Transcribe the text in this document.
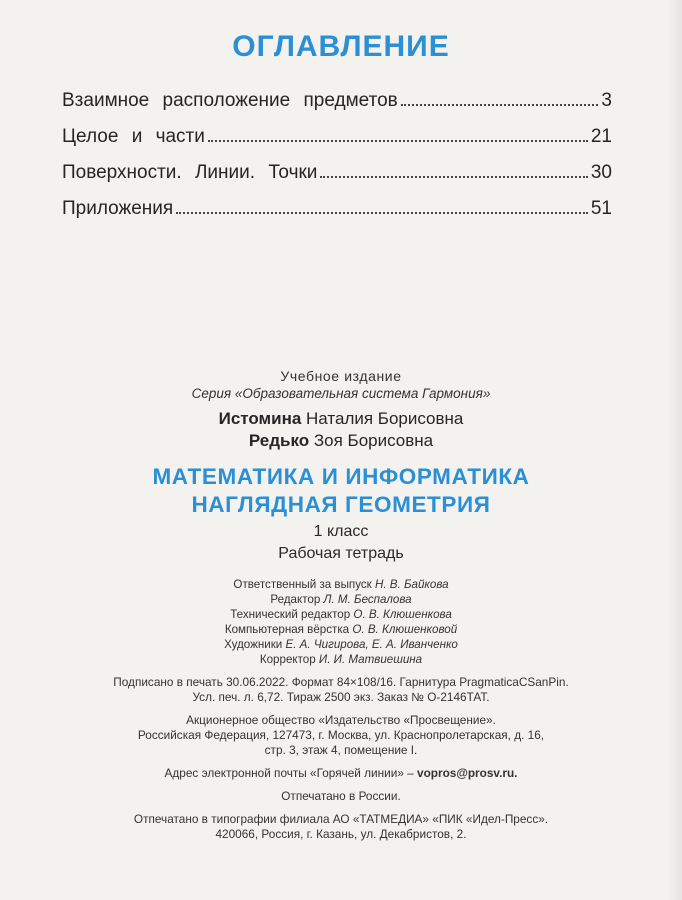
ОГЛАВЛЕНИЕ
Взаимное расположение предметов	3
Целое и части	21
Поверхности. Линии. Точки	30
Приложения	51
Учебное издание
Серия «Образовательная система Гармония»
Истомина Наталия Борисовна
Редько Зоя Борисовна
МАТЕМАТИКА И ИНФОРМАТИКА
НАГЛЯДНАЯ ГЕОМЕТРИЯ
1 класс
Рабочая тетрадь
Ответственный за выпуск Н. В. Байкова
Редактор Л. М. Беспалова
Технический редактор О. В. Клюшенкова
Компьютерная вёрстка О. В. Клюшенковой
Художники Е. А. Чигирова, Е. А. Иванченко
Корректор И. И. Матвиешина
Подписано в печать 30.06.2022. Формат 84×108/16. Гарнитура PragmaticaCSanPin.
Усл. печ. л. 6,72. Тираж 2500 экз. Заказ № О-2146ТАТ.
Акционерное общество «Издательство «Просвещение».
Российская Федерация, 127473, г. Москва, ул. Краснопролетарская, д. 16,
стр. 3, этаж 4, помещение I.
Адрес электронной почты «Горячей линии» – vopros@prosv.ru.
Отпечатано в России.
Отпечатано в типографии филиала АО «ТАТМЕДИА» «ПИК «Идел-Пресс».
420066, Россия, г. Казань, ул. Декабристов, 2.
